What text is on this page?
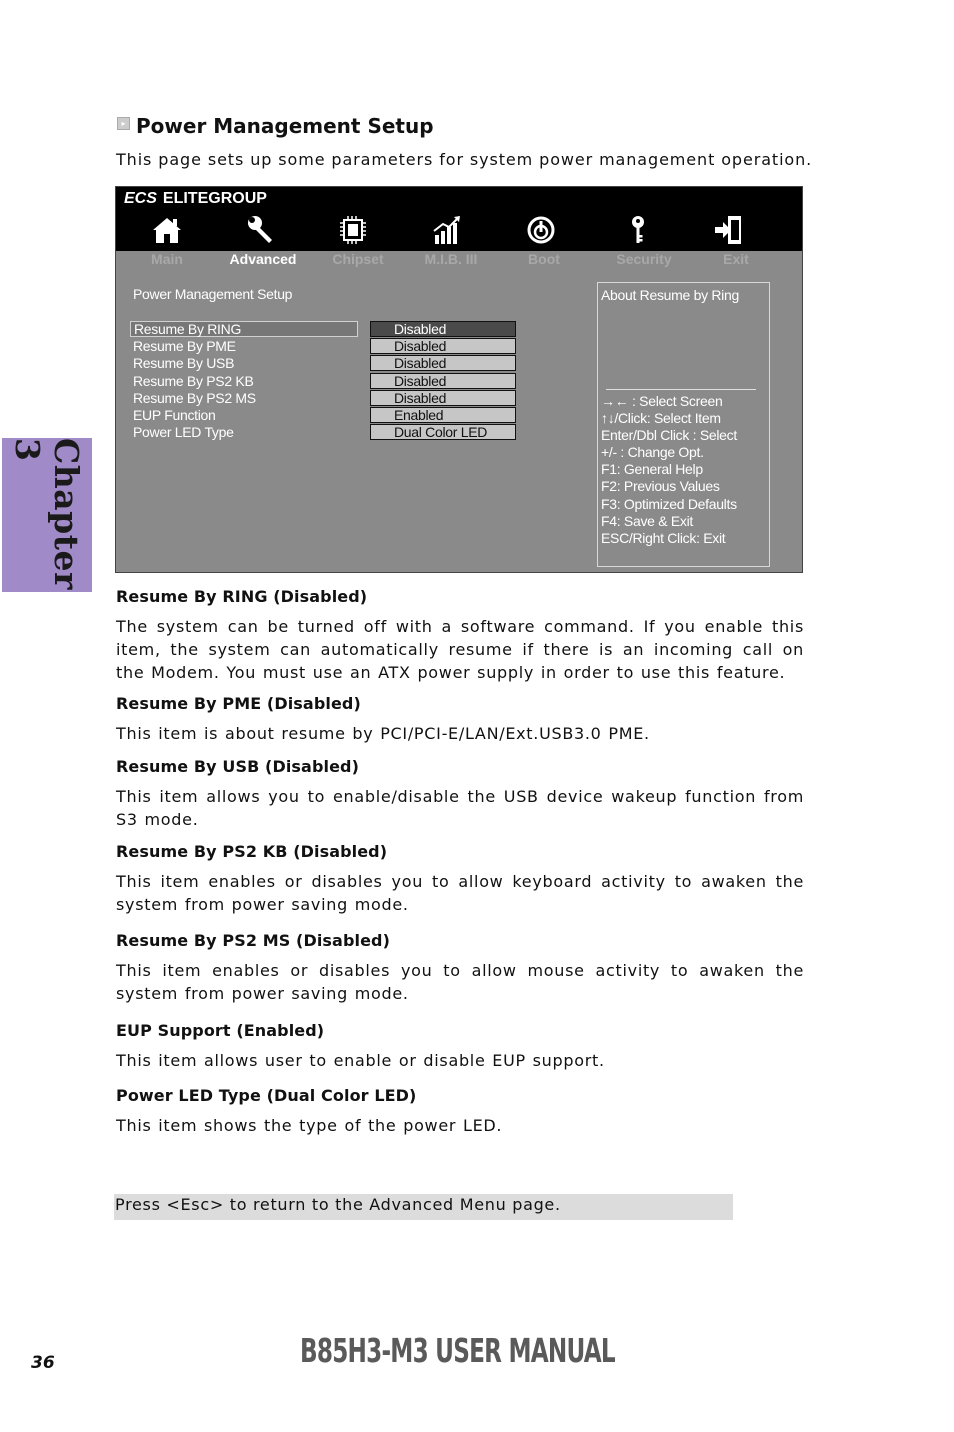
Chapter 3
▸ Power Management Setup
This page sets up some parameters for system power management operation.
ECS ELITEGROUP
Main	Advanced	Chipset	M.I.B. III	Boot	Security	Exit
Power Management Setup
Resume By RING	Disabled
Resume By PME	Disabled
Resume By USB	Disabled
Resume By PS2 KB	Disabled
Resume By PS2 MS	Disabled
EUP Function	Enabled
Power LED Type	Dual Color LED
About Resume by Ring
→← : Select Screen
↑↓/Click: Select Item
Enter/Dbl Click : Select
+/- : Change Opt.
F1: General Help
F2: Previous Values
F3: Optimized Defaults
F4: Save & Exit
ESC/Right Click: Exit
Resume By RING (Disabled)

The system can be turned off with a software command. If you enable this item, the system can automatically resume if there is an incoming call on the Modem. You must use an ATX power supply in order to use this feature.

Resume By PME (Disabled)

This item is about resume by PCI/PCI-E/LAN/Ext.USB3.0 PME.

Resume By USB (Disabled)

This item allows you to enable/disable the USB device wakeup function from S3 mode.

Resume By PS2 KB (Disabled)

This item enables or disables you to allow keyboard activity to awaken the system from power saving mode.

Resume By PS2 MS (Disabled)

This item enables or disables you to allow mouse activity to awaken the system from power saving mode.

EUP Support (Enabled)

This item allows user to enable or disable EUP support.

Power LED Type (Dual Color LED)

This item shows the type of the power LED.

Press <Esc> to return to the Advanced Menu page.
36	B85H3-M3 USER MANUAL
